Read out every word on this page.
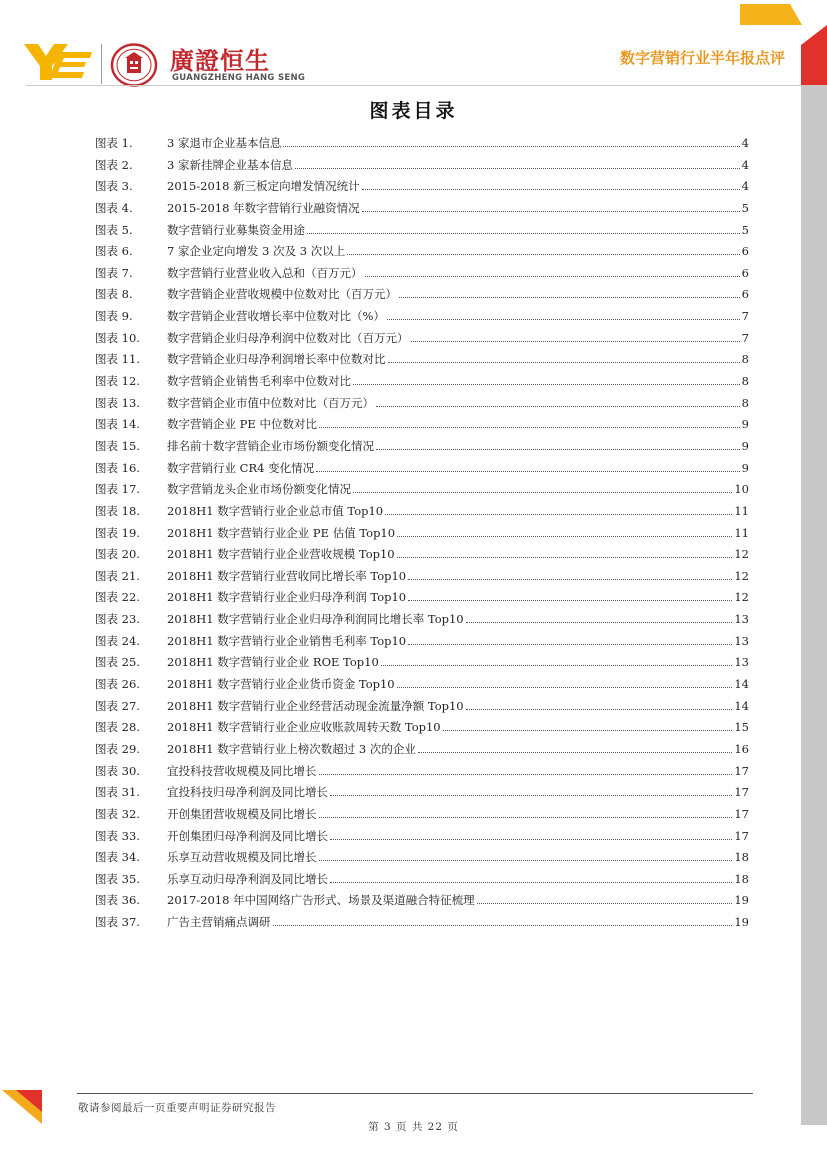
廣證恒生
GUANGZHENG HANG SENG
数字营销行业半年报点评
图表目录
图表 1.	3 家退市企业基本信息	4
图表 2.	3 家新挂牌企业基本信息	4
图表 3.	2015-2018 新三板定向增发情况统计	4
图表 4.	2015-2018 年数字营销行业融资情况	5
图表 5.	数字营销行业募集资金用途	5
图表 6.	7 家企业定向增发 3 次及 3 次以上	6
图表 7.	数字营销行业营业收入总和（百万元）	6
图表 8.	数字营销企业营收规模中位数对比（百万元）	6
图表 9.	数字营销企业营收增长率中位数对比（%）	7
图表 10.	数字营销企业归母净利润中位数对比（百万元）	7
图表 11.	数字营销企业归母净利润增长率中位数对比	8
图表 12.	数字营销企业销售毛利率中位数对比	8
图表 13.	数字营销企业市值中位数对比（百万元）	8
图表 14.	数字营销企业 PE 中位数对比	9
图表 15.	排名前十数字营销企业市场份额变化情况	9
图表 16.	数字营销行业 CR4 变化情况	9
图表 17.	数字营销龙头企业市场份额变化情况	10
图表 18.	2018H1 数字营销行业企业总市值 Top10	11
图表 19.	2018H1 数字营销行业企业 PE 估值 Top10	11
图表 20.	2018H1 数字营销行业企业营收规模 Top10	12
图表 21.	2018H1 数字营销行业营收同比增长率 Top10	12
图表 22.	2018H1 数字营销行业企业归母净利润 Top10	12
图表 23.	2018H1 数字营销行业企业归母净利润同比增长率 Top10	13
图表 24.	2018H1 数字营销行业企业销售毛利率 Top10	13
图表 25.	2018H1 数字营销行业企业 ROE Top10	13
图表 26.	2018H1 数字营销行业企业货币资金 Top10	14
图表 27.	2018H1 数字营销行业企业经营活动现金流量净额 Top10	14
图表 28.	2018H1 数字营销行业企业应收账款周转天数 Top10	15
图表 29.	2018H1 数字营销行业上榜次数超过 3 次的企业	16
图表 30.	宜投科技营收规模及同比增长	17
图表 31.	宜投科技归母净利润及同比增长	17
图表 32.	开创集团营收规模及同比增长	17
图表 33.	开创集团归母净利润及同比增长	17
图表 34.	乐享互动营收规模及同比增长	18
图表 35.	乐享互动归母净利润及同比增长	18
图表 36.	2017-2018 年中国网络广告形式、场景及渠道融合特征梳理	19
图表 37.	广告主营销痛点调研	19
敬请参阅最后一页重要声明证券研究报告
第 3 页 共 22 页
